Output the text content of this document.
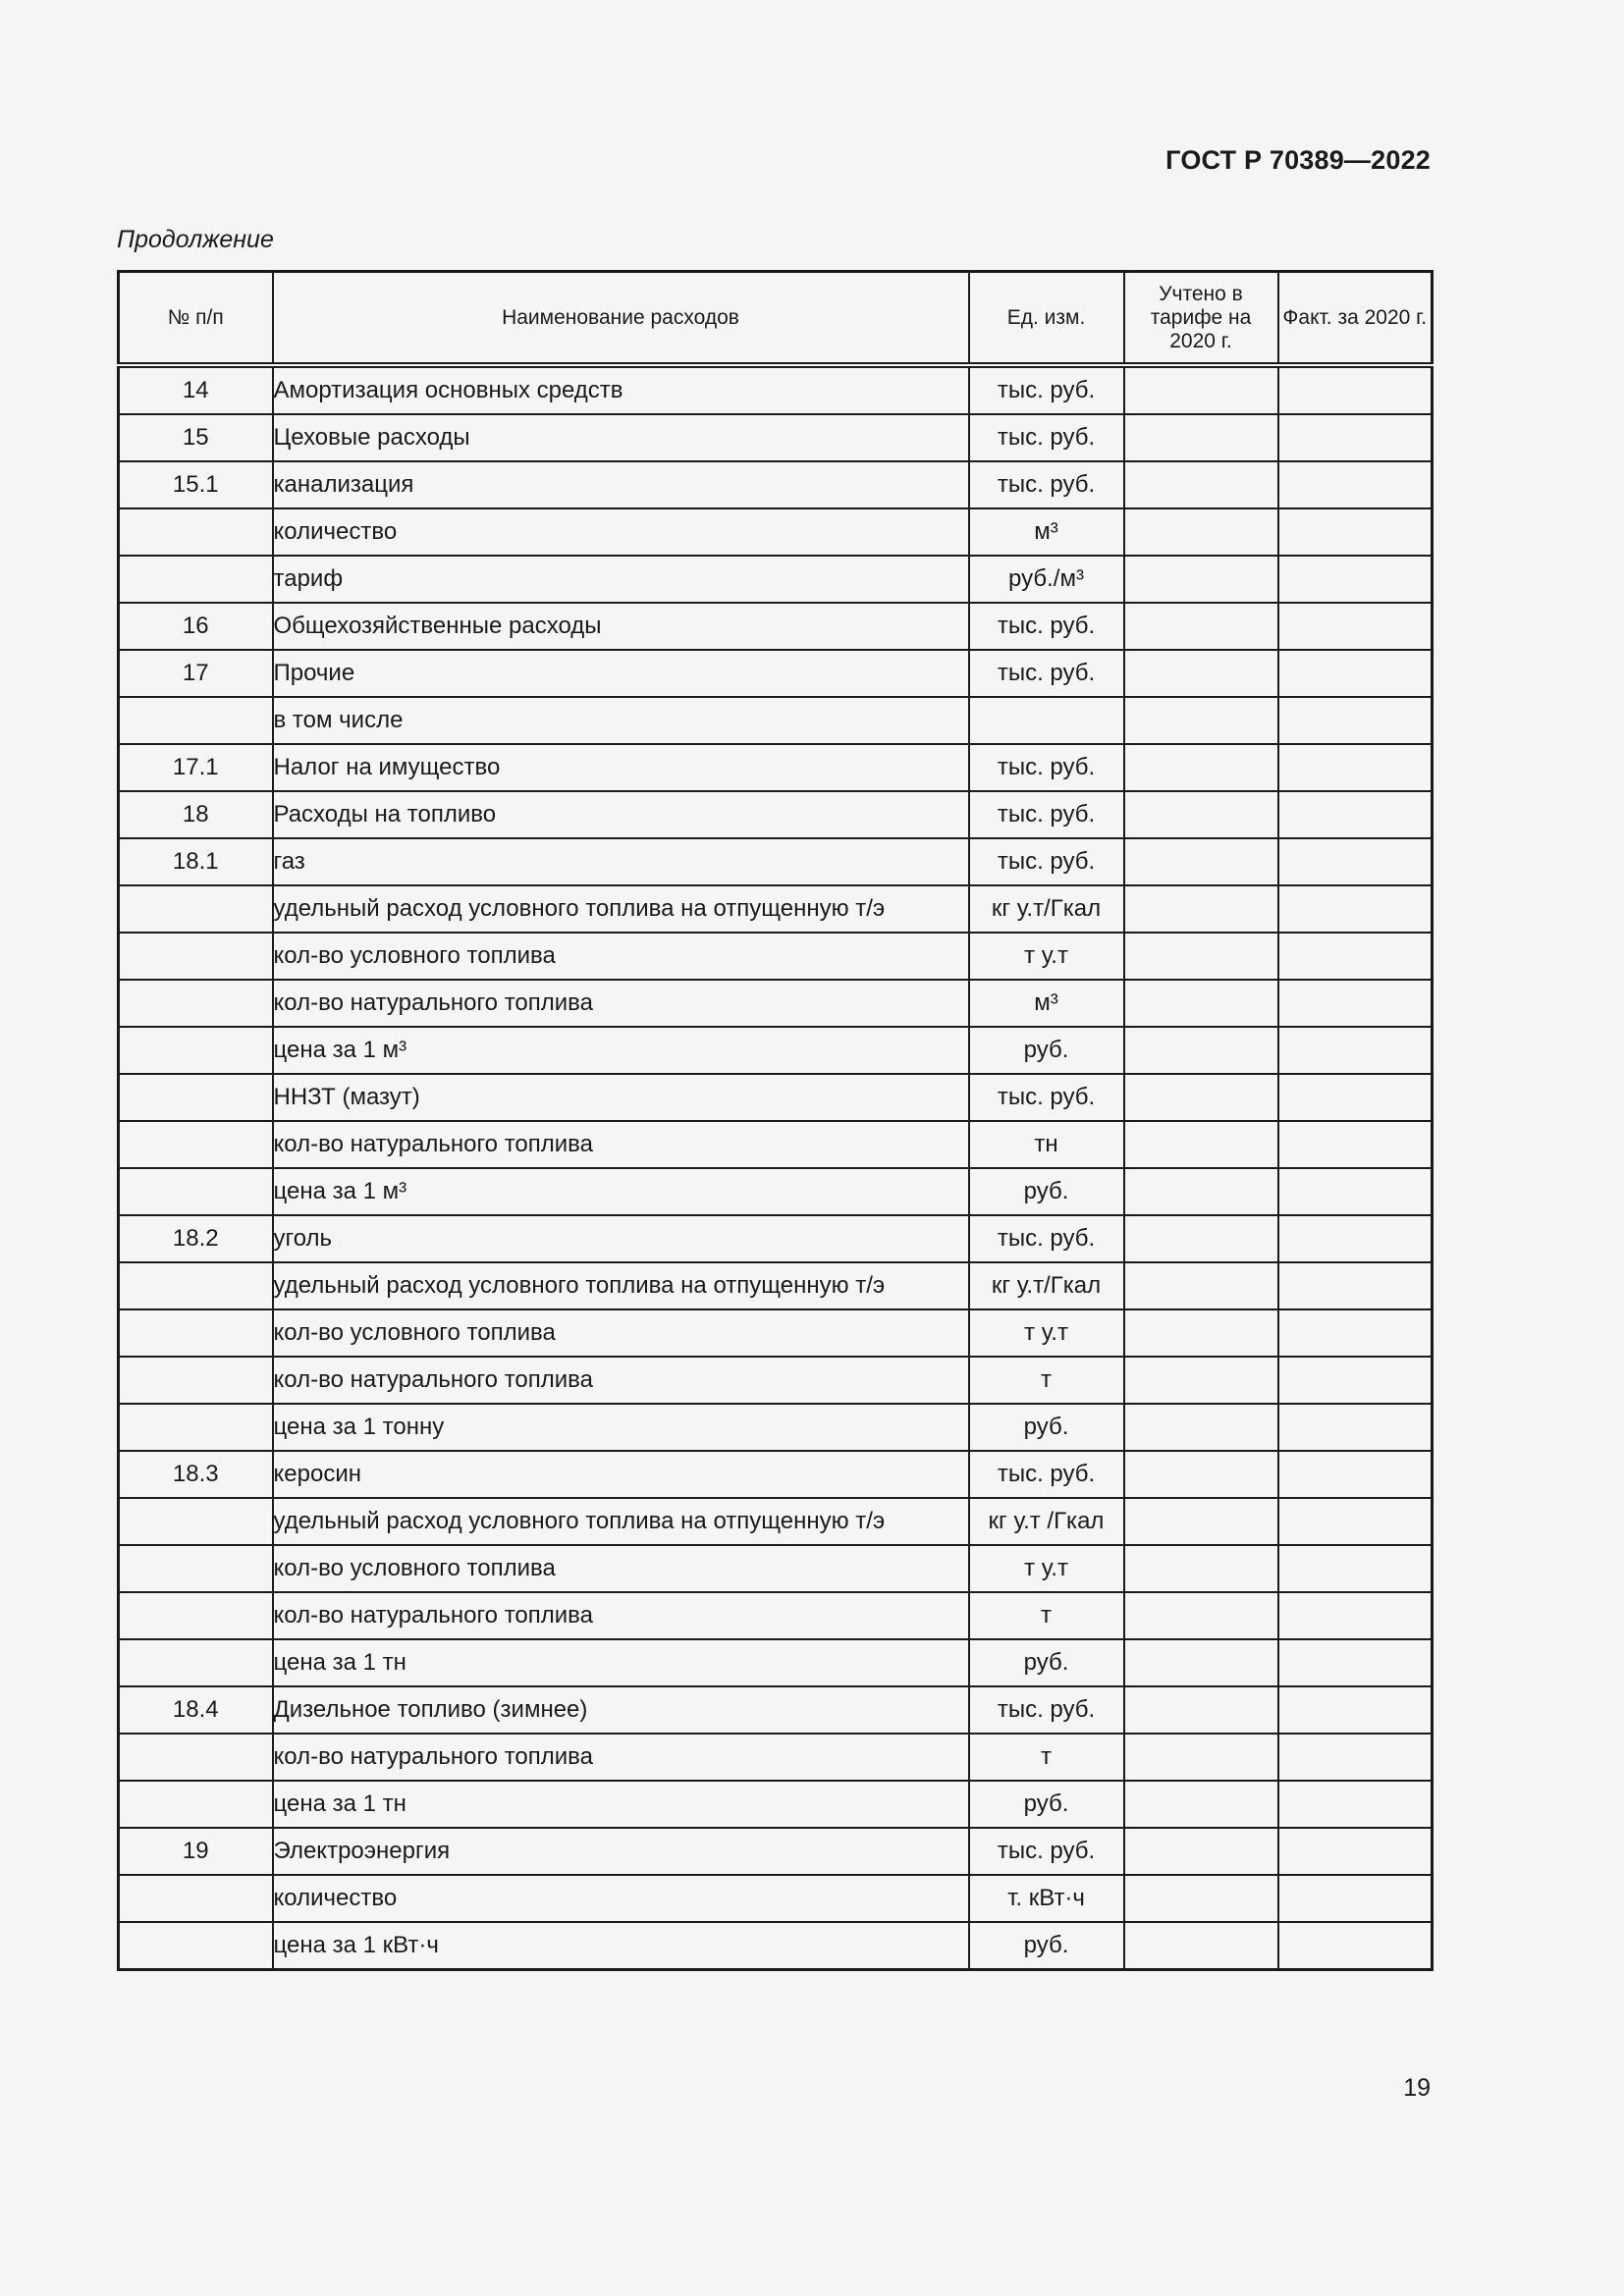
ГОСТ Р 70389—2022
Продолжение
№ п/п	Наименование расходов	Ед. изм.	Учтено в тарифе на 2020 г.	Факт. за 2020 г.
14	Амортизация основных средств	тыс. руб.		
15	Цеховые расходы	тыс. руб.		
15.1	канализация	тыс. руб.		
	количество	м³		
	тариф	руб./м³		
16	Общехозяйственные расходы	тыс. руб.		
17	Прочие	тыс. руб.		
	в том числе			
17.1	Налог на имущество	тыс. руб.		
18	Расходы на топливо	тыс. руб.		
18.1	газ	тыс. руб.		
	удельный расход условного топлива на отпущенную т/э	кг у.т/Гкал		
	кол-во условного топлива	т у.т		
	кол-во натурального топлива	м³		
	цена за 1 м³	руб.		
	ННЗТ (мазут)	тыс. руб.		
	кол-во натурального топлива	тн		
	цена за 1 м³	руб.		
18.2	уголь	тыс. руб.		
	удельный расход условного топлива на отпущенную т/э	кг у.т/Гкал		
	кол-во условного топлива	т у.т		
	кол-во натурального топлива	т		
	цена за 1 тонну	руб.		
18.3	керосин	тыс. руб.		
	удельный расход условного топлива на отпущенную т/э	кг у.т /Гкал		
	кол-во условного топлива	т у.т		
	кол-во натурального топлива	т		
	цена за 1 тн	руб.		
18.4	Дизельное топливо (зимнее)	тыс. руб.		
	кол-во натурального топлива	т		
	цена за 1 тн	руб.		
19	Электроэнергия	тыс. руб.		
	количество	т. кВт·ч		
	цена за 1 кВт·ч	руб.		
19
